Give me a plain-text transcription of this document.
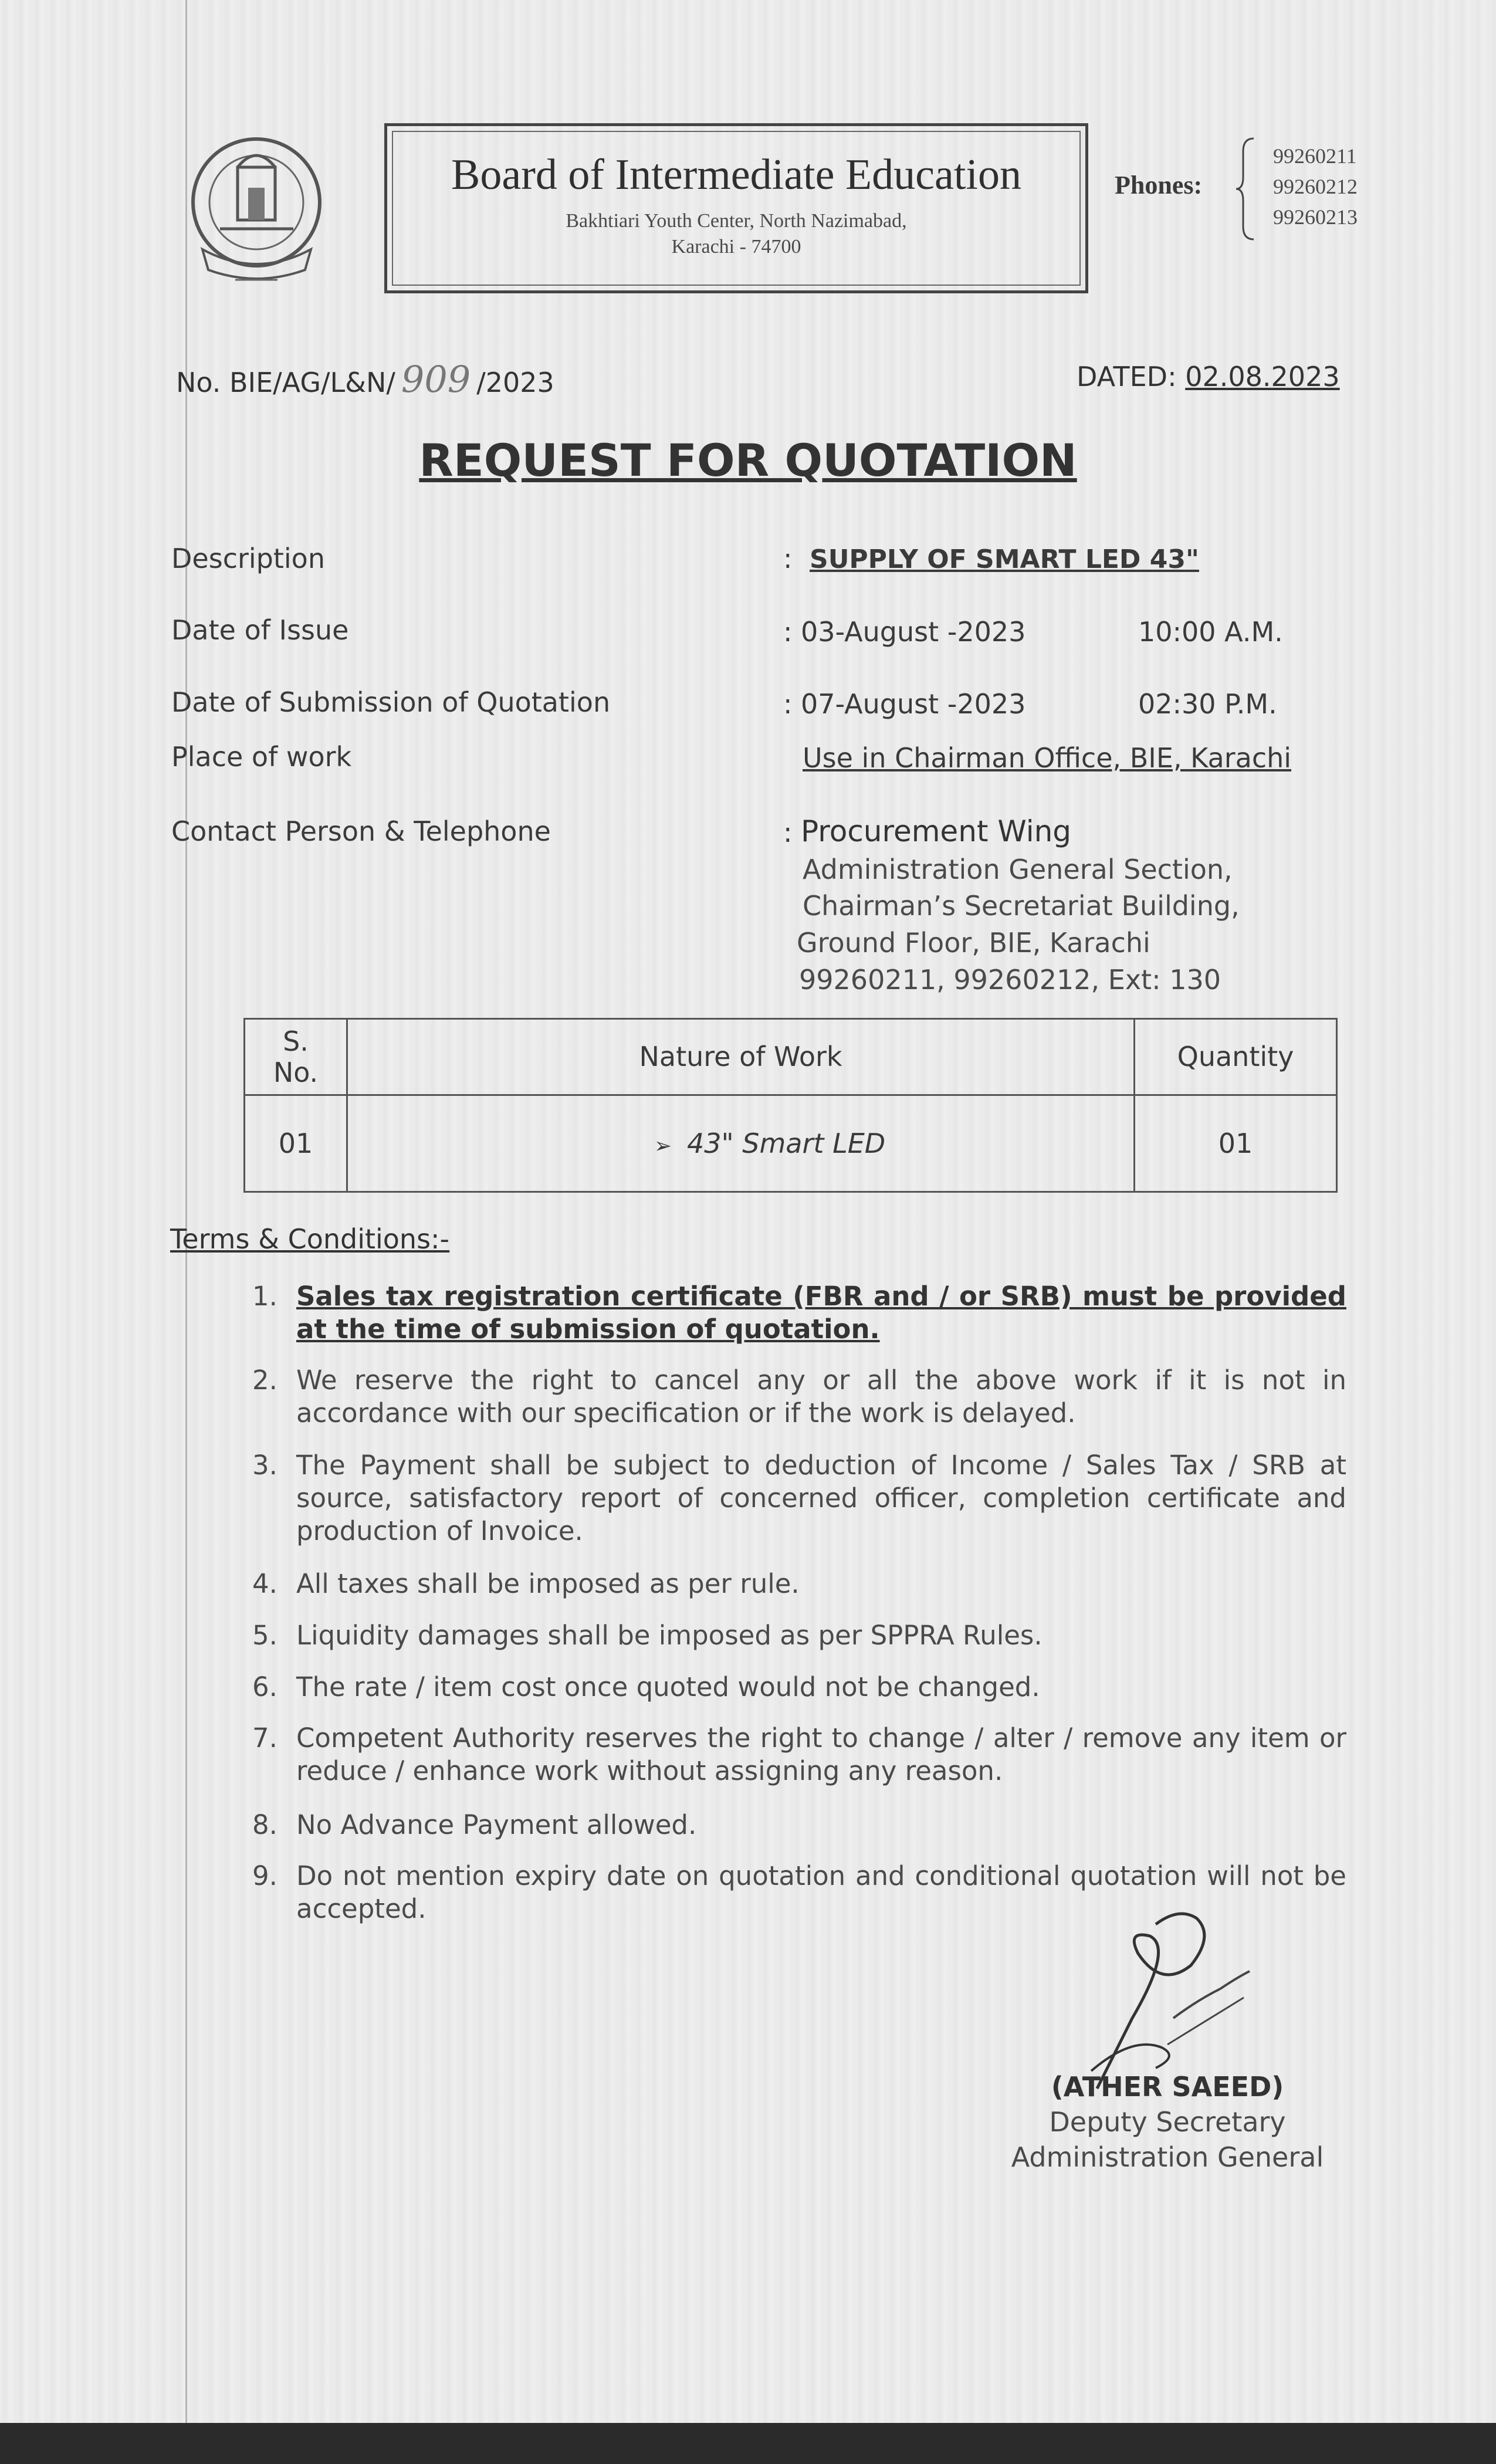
Board of Intermediate Education
Bakhtiari Youth Center, North Nazimabad,
Karachi - 74700
Phones:
99260211
99260212
99260213
No. BIE/AG/L&N/ 909 /2023	DATED: 02.08.2023
REQUEST FOR QUOTATION
Description	: SUPPLY OF SMART LED 43"
Date of Issue	: 03-August -2023	10:00 A.M.
Date of Submission of Quotation	: 07-August -2023	02:30 P.M.
Place of work	Use in Chairman Office, BIE, Karachi
Contact Person & Telephone	: Procurement Wing
Administration General Section,
Chairman’s Secretariat Building,
Ground Floor, BIE, Karachi
99260211, 99260212, Ext: 130
S.
No.	Nature of Work	Quantity
01	➢ 43" Smart LED	01
Terms & Conditions:-
1. Sales tax registration certificate (FBR and / or SRB) must be provided at the time of submission of quotation.
2. We reserve the right to cancel any or all the above work if it is not in accordance with our specification or if the work is delayed.
3. The Payment shall be subject to deduction of Income / Sales Tax / SRB at source, satisfactory report of concerned officer, completion certificate and production of Invoice.
4. All taxes shall be imposed as per rule.
5. Liquidity damages shall be imposed as per SPPRA Rules.
6. The rate / item cost once quoted would not be changed.
7. Competent Authority reserves the right to change / alter / remove any item or reduce / enhance work without assigning any reason.
8. No Advance Payment allowed.
9. Do not mention expiry date on quotation and conditional quotation will not be accepted.
(ATHER SAEED)
Deputy Secretary
Administration General
